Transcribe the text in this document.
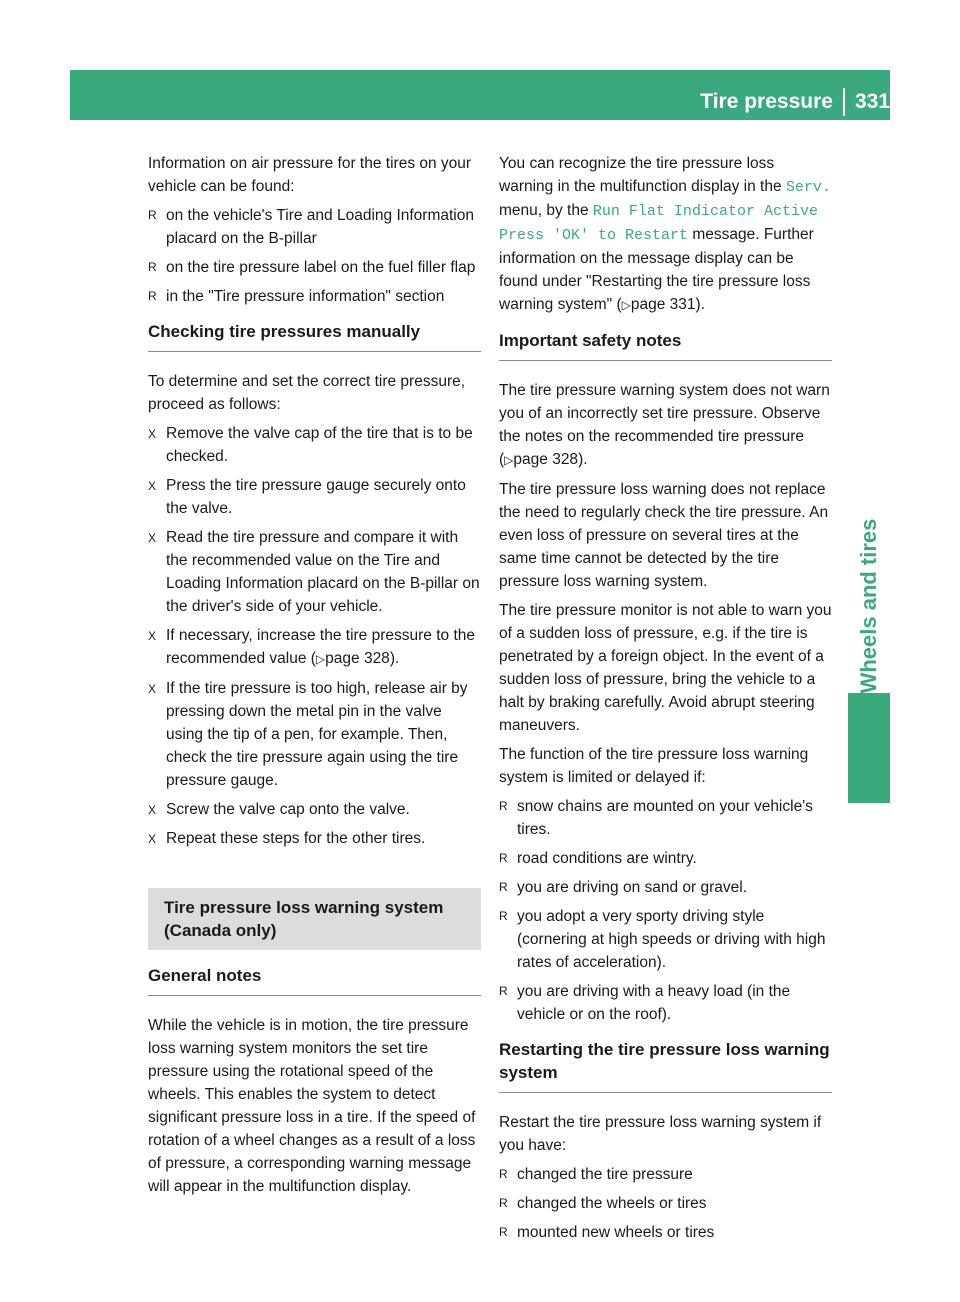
Tire pressure 331
Wheels and tires

Information on air pressure for the tires on your vehicle can be found:

R on the vehicle's Tire and Loading Information placard on the B-pillar
R on the tire pressure label on the fuel filler flap
R in the "Tire pressure information" section
Checking tire pressures manually

To determine and set the correct tire pressure, proceed as follows:

X Remove the valve cap of the tire that is to be checked.
X Press the tire pressure gauge securely onto the valve.
X Read the tire pressure and compare it with the recommended value on the Tire and Loading Information placard on the B-pillar on the driver's side of your vehicle.
X If necessary, increase the tire pressure to the recommended value (▷page 328).
X If the tire pressure is too high, release air by pressing down the metal pin in the valve using the tip of a pen, for example. Then, check the tire pressure again using the tire pressure gauge.
X Screw the valve cap onto the valve.
X Repeat these steps for the other tires.
Tire pressure loss warning system (Canada only)
General notes

While the vehicle is in motion, the tire pressure loss warning system monitors the set tire pressure using the rotational speed of the wheels. This enables the system to detect significant pressure loss in a tire. If the speed of rotation of a wheel changes as a result of a loss of pressure, a corresponding warning message will appear in the multifunction display.

You can recognize the tire pressure loss warning in the multifunction display in the Serv. menu, by the Run Flat Indicator Active Press 'OK' to Restart message. Further information on the message display can be found under "Restarting the tire pressure loss warning system" (▷page 331).

Important safety notes

The tire pressure warning system does not warn you of an incorrectly set tire pressure. Observe the notes on the recommended tire pressure (▷page 328).

The tire pressure loss warning does not replace the need to regularly check the tire pressure. An even loss of pressure on several tires at the same time cannot be detected by the tire pressure loss warning system.

The tire pressure monitor is not able to warn you of a sudden loss of pressure, e.g. if the tire is penetrated by a foreign object. In the event of a sudden loss of pressure, bring the vehicle to a halt by braking carefully. Avoid abrupt steering maneuvers.

The function of the tire pressure loss warning system is limited or delayed if:

R snow chains are mounted on your vehicle's tires.
R road conditions are wintry.
R you are driving on sand or gravel.
R you adopt a very sporty driving style (cornering at high speeds or driving with high rates of acceleration).
R you are driving with a heavy load (in the vehicle or on the roof).
Restarting the tire pressure loss warning system

Restart the tire pressure loss warning system if you have:

R changed the tire pressure
R changed the wheels or tires
R mounted new wheels or tires
